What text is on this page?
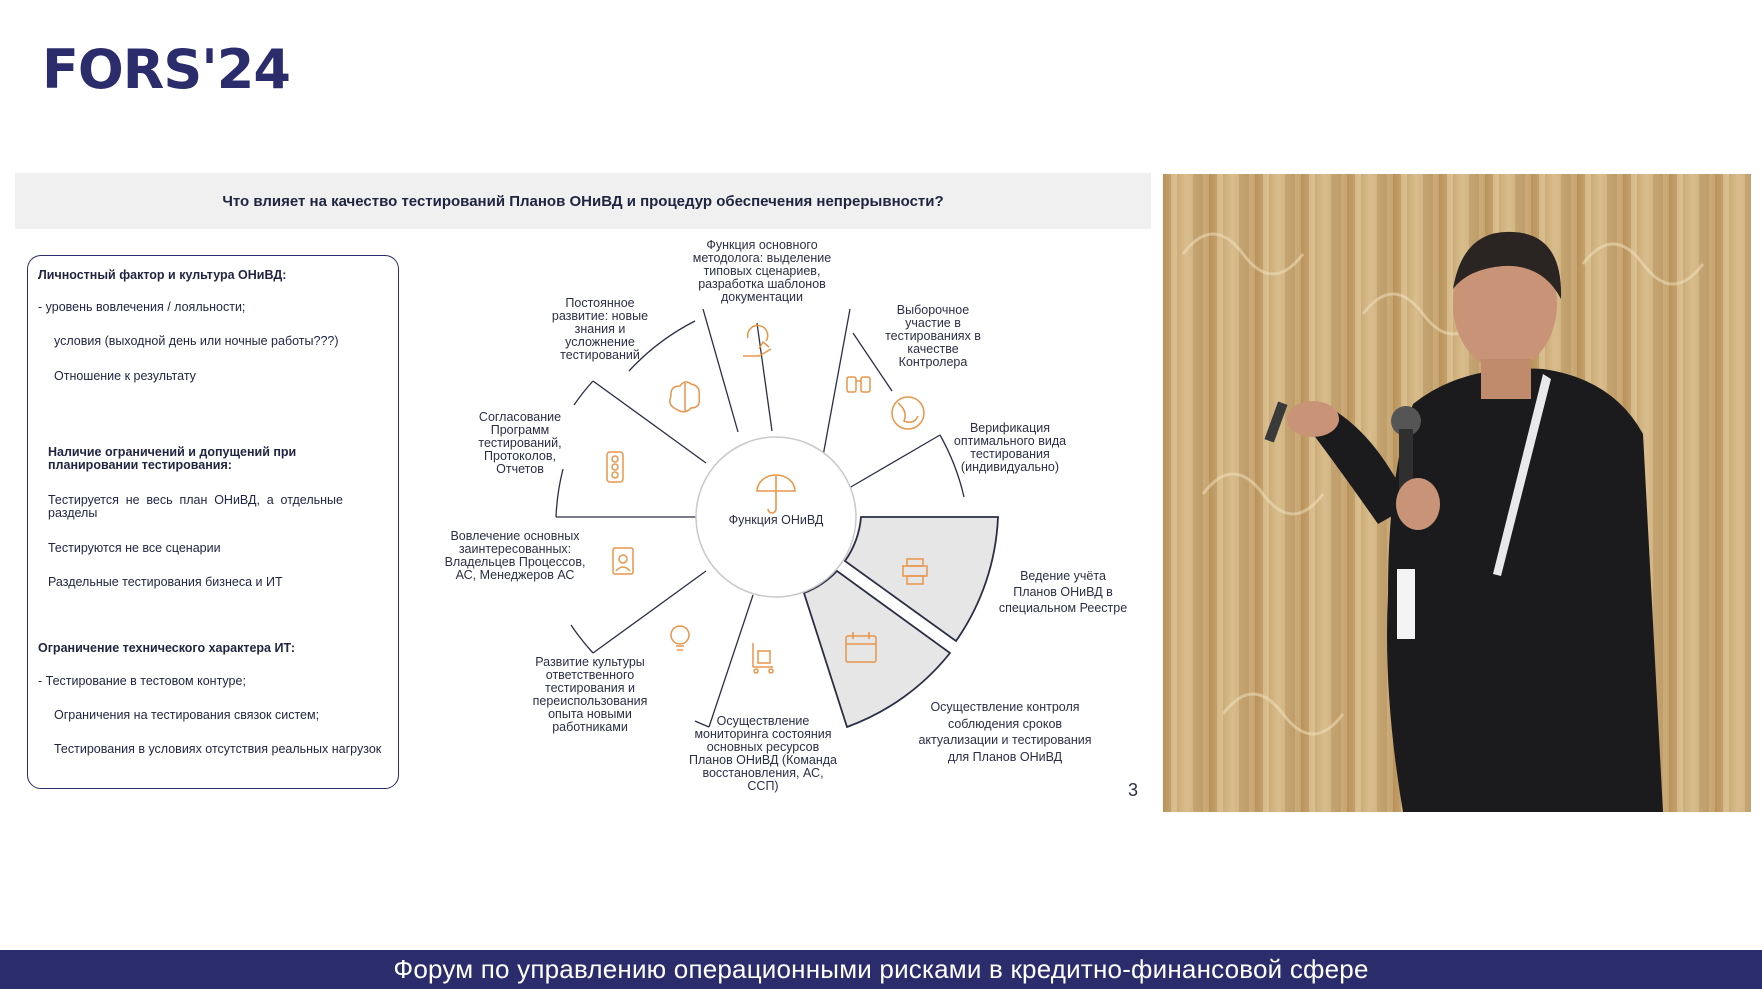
FORS'24
Что влияет на качество тестирований Планов ОНиВД и процедур обеспечения непрерывности?
Личностный фактор и культура ОНиВД:
- уровень вовлечения / лояльности;
условия (выходной день или ночные работы???)
Отношение к результату
Наличие ограничений и допущений при планировании тестирования:
Тестируется не весь план ОНиВД, а отдельные разделы
Тестируются не все сценарии
Раздельные тестирования бизнеса и ИТ
Ограничение технического характера ИТ:
- Тестирование в тестовом контуре;
Ограничения на тестирования связок систем;
Тестирования в условиях отсутствия реальных нагрузок
Функция основного методолога: выделение типовых сценариев, разработка шаблонов документации
Выборочное участие в тестированиях в качестве Контролера
Верификация оптимального вида тестирования (индивидуально)
Ведение учёта Планов ОНиВД в специальном Реестре
Осуществление контроля соблюдения сроков актуализации и тестирования для Планов ОНиВД
Осуществление мониторинга состояния основных ресурсов Планов ОНиВД (Команда восстановления, АС, ССП)
Развитие культуры ответственного тестирования и переиспользования опыта новыми работниками
Вовлечение основных заинтересованных: Владельцев Процессов, АС, Менеджеров АС
Согласование Программ тестирований, Протоколов, Отчетов
Постоянное развитие: новые знания и усложнение тестирований
Функция ОНиВД
3
Форум по управлению операционными рисками в кредитно-финансовой сфере
